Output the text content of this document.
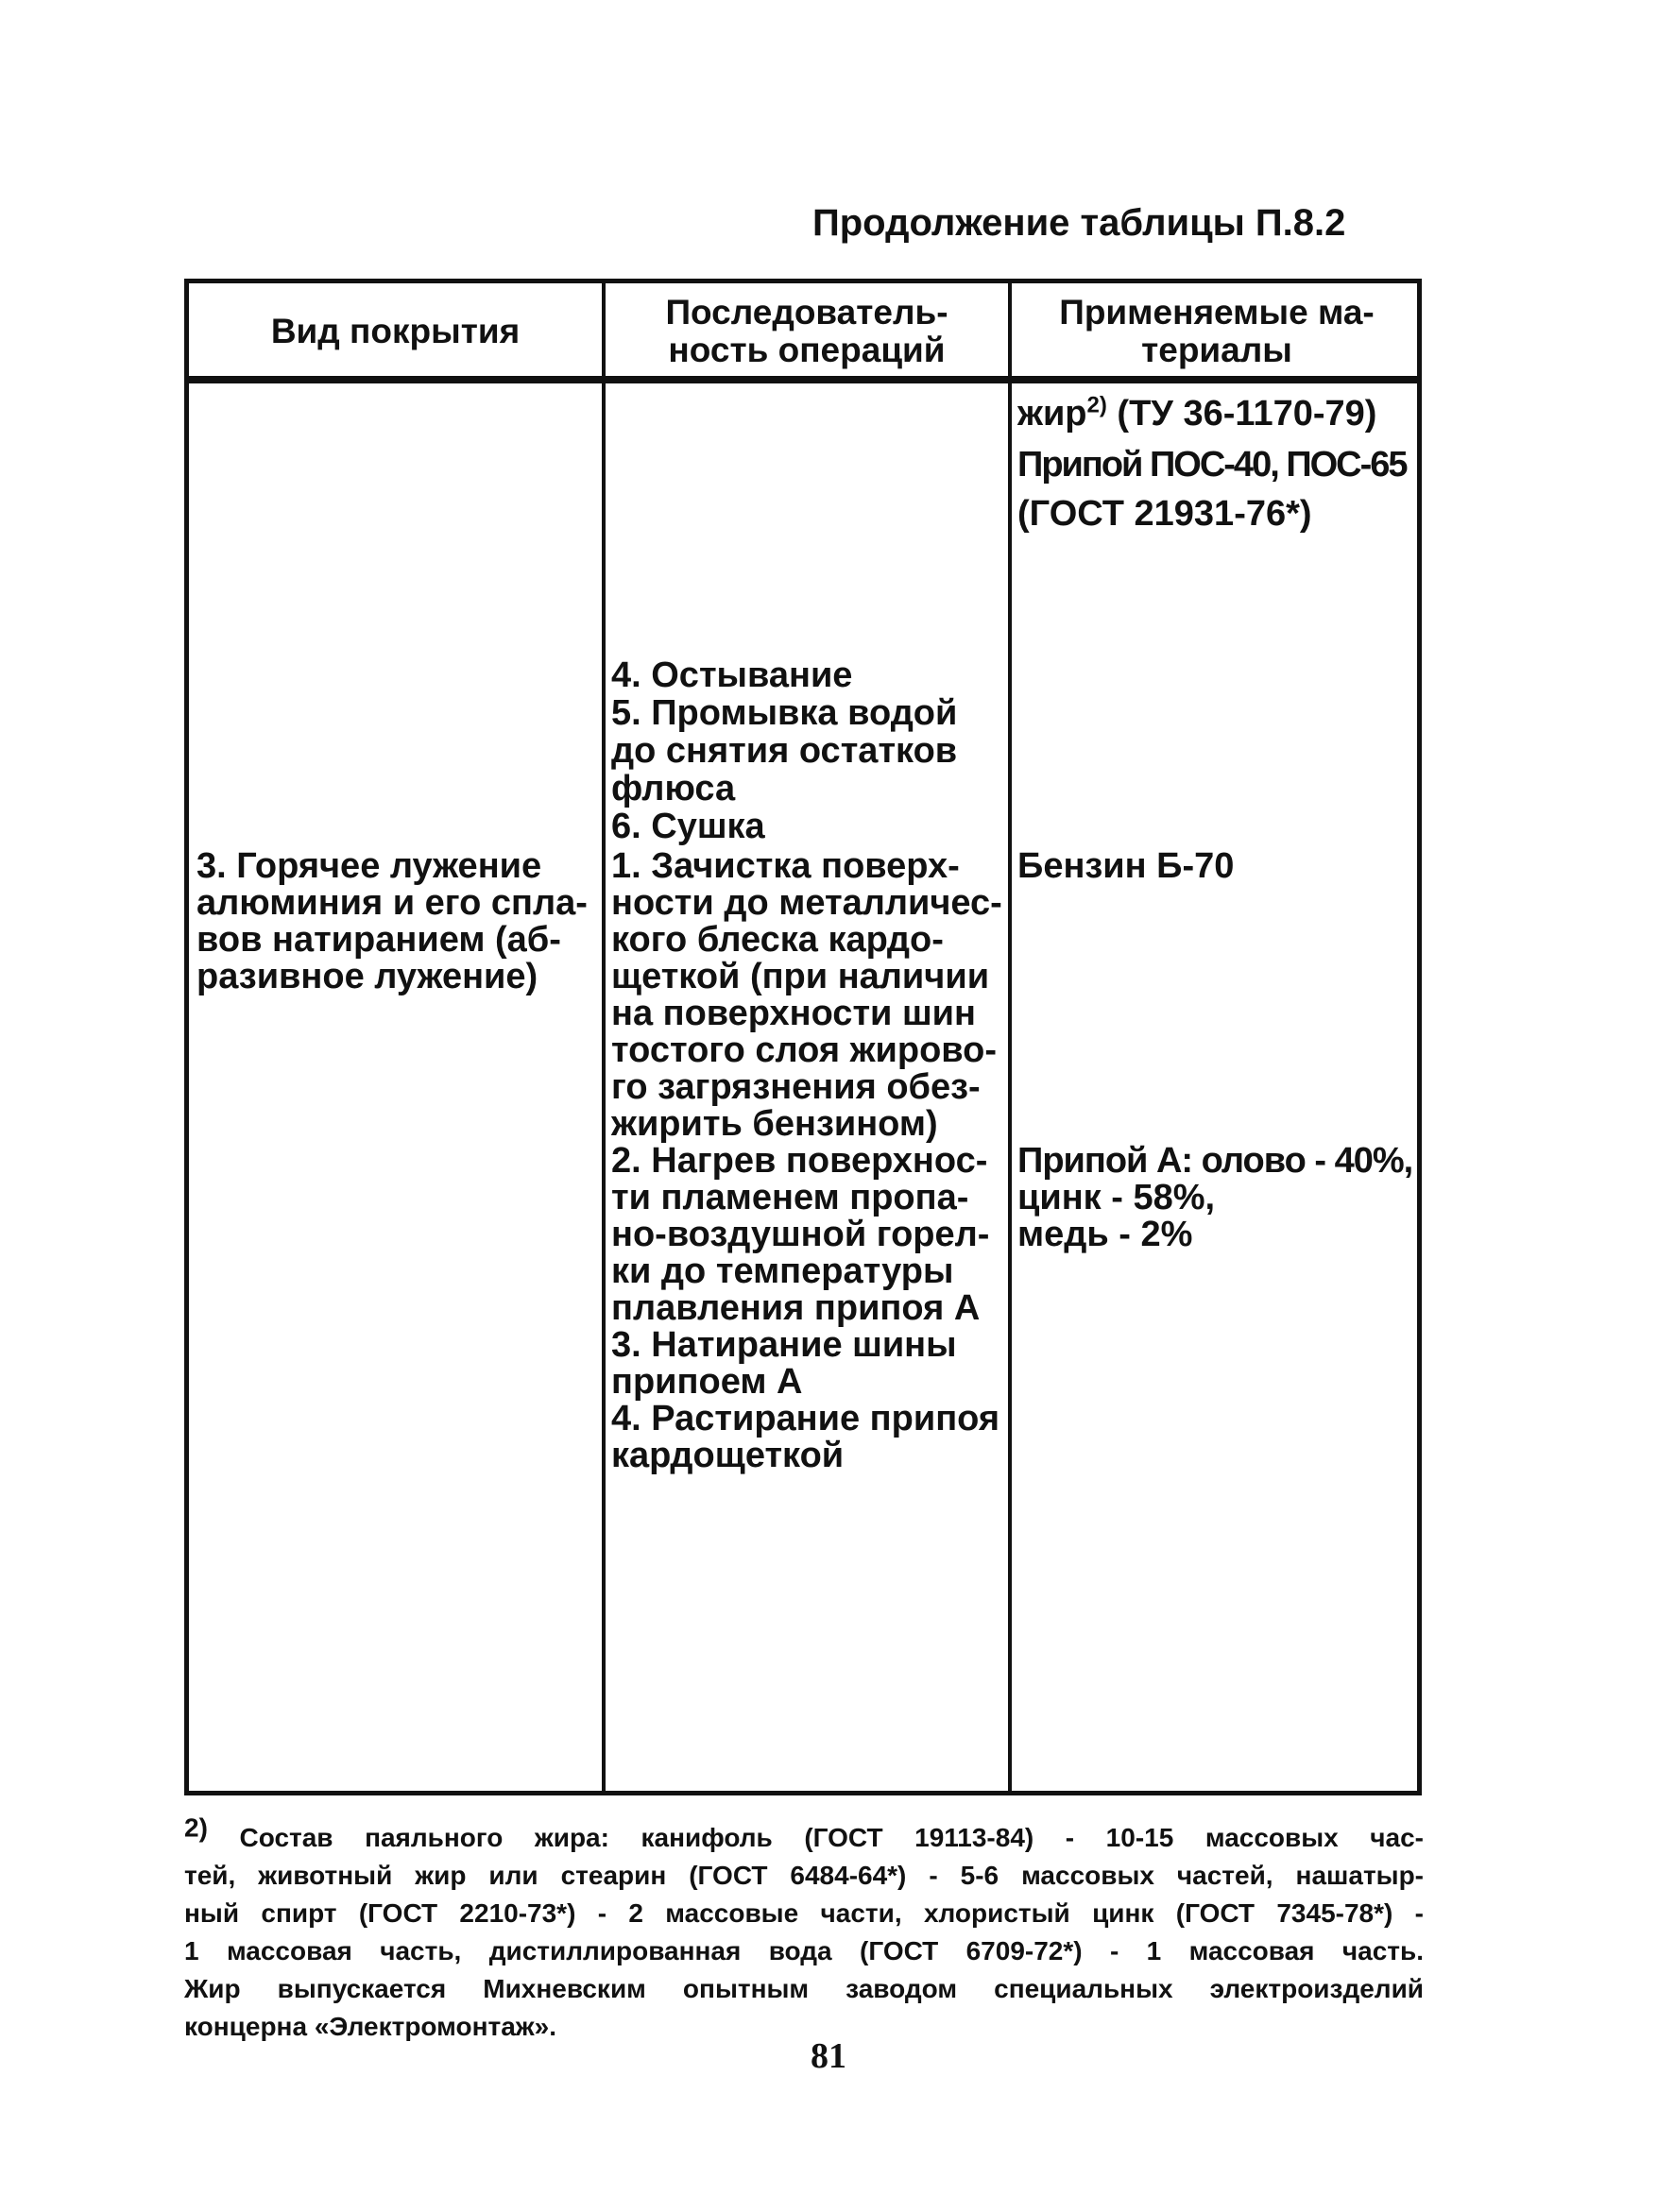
Продолжение таблицы П.8.2
Вид покрытия	Последователь-
ность операций
Применяемые ма-
териалы
3. Горячее лужение
алюминия и его спла-
вов натиранием (аб-
разивное лужение)
4. Остывание
5. Промывка водой
до снятия остатков
флюса
6. Сушка
1. Зачистка поверх-
ности до металличес-
кого блеска кардо-
щеткой (при наличии
на поверхности шин
тостого слоя жирово-
го загрязнения обез-
жирить бензином)
2. Нагрев поверхнос-
ти пламенем пропа-
но-воздушной горел-
ки до температуры
плавления припоя А
3. Натирание шины
припоем А
4. Растирание припоя
кардощеткой
жир$^{2)}$ (ТУ 36-1170-79)
Припой ПОС-40, ПОС-65
(ГОСТ 21931-76*)
Бензин Б-70
Припой А: олово - 40%,
цинк - 58%,
медь - 2%
$^{2)}$ Состав паяльного жира: канифоль (ГОСТ 19113-84) - 10-15 массовых час-
тей, животный жир или стеарин (ГОСТ 6484-64*) - 5-6 массовых частей, нашатыр-
ный спирт (ГОСТ 2210-73*) - 2 массовые части, хлористый цинк (ГОСТ 7345-78*) -
1 массовая часть, дистиллированная вода (ГОСТ 6709-72*) - 1 массовая часть.
Жир выпускается Михневским опытным заводом специальных электроизделий
концерна «Электромонтаж».
81
